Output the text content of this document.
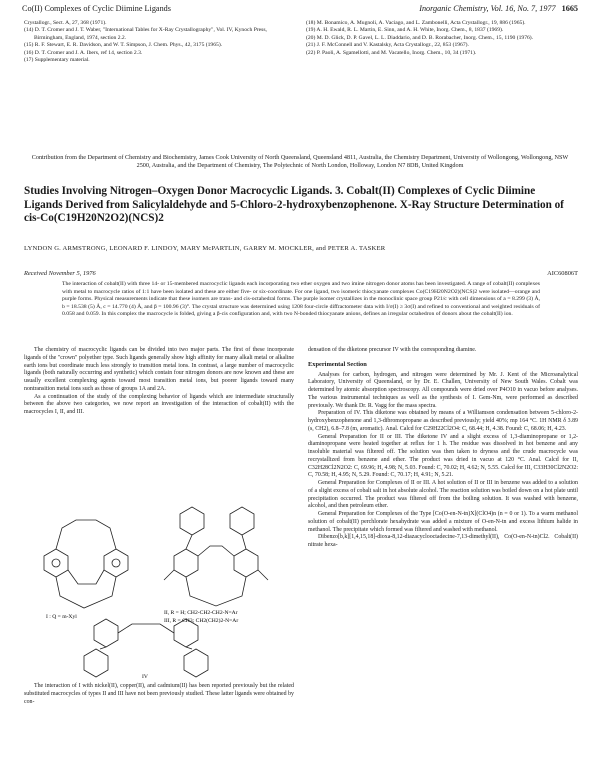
Co(II) Complexes of Cyclic Diimine Ligands	Inorganic Chemistry, Vol. 16, No. 7, 1977 1665

Crystallogr., Sect. A, 27, 368 (1971).

(14) D. T. Cromer and J. T. Waber, "International Tables for X-Ray Crystallography", Vol. IV, Kynoch Press, Birmingham, England, 1974, section 2.2.

(15) R. F. Stewart, E. R. Davidson, and W. T. Simpson, J. Chem. Phys., 42, 3175 (1965).

(16) D. T. Cromer and J. A. Ibers, ref 14, section 2.3.

(17) Supplementary material.

(18) M. Bonamico, A. Mugnoli, A. Vaciago, and L. Zambonelli, Acta Crystallogr., 19, 886 (1965).

(19) A. H. Ewald, R. L. Martin, E. Sinn, and A. H. White, Inorg. Chem., 8, 1837 (1969).

(20) M. D. Glick, D. P. Gavel, L. L. Diaddario, and D. B. Rorabacher, Inorg. Chem., 15, 1190 (1976).

(21) J. F. McConnell and V. Kastalsky, Acta Crystallogr., 22, 853 (1967).

(22) P. Paoli, A. Sgamellotti, and M. Vacatello, Inorg. Chem., 10, 34 (1971).

Contribution from the Department of Chemistry and Biochemistry, James Cook University of North Queensland, Queensland 4811, Australia, the Chemistry Department, University of Wollongong, Wollongong, NSW 2500, Australia, and the Department of Chemistry, The Polytechnic of North London, Holloway, London N7 8DB, United Kingdom
Studies Involving Nitrogen–Oxygen Donor Macrocyclic Ligands. 3. Cobalt(II) Complexes of Cyclic Diimine Ligands Derived from Salicylaldehyde and 5-Chloro-2-hydroxybenzophenone. X-Ray Structure Determination of cis-Co(C19H20N2O2)(NCS)2
LYNDON G. ARMSTRONG, LEONARD F. LINDOY, MARY McPARTLIN, GARRY M. MOCKLER, and PETER A. TASKER
Received November 5, 1976	AIC60806T
The interaction of cobalt(II) with three 14- or 15-membered macrocyclic ligands each incorporating two ether oxygen and two imine nitrogen donor atoms has been investigated. A range of cobalt(II) complexes with metal to macrocycle ratios of 1:1 have been isolated and these are either five- or six-coordinate. For one ligand, two isomeric thiocyanate complexes Co(C19H20N2O2)(NCS)2 were isolated—orange and purple forms. Physical measurements indicate that these isomers are trans- and cis-octahedral forms. The purple isomer crystallizes in the monoclinic space group P21/c with cell dimensions of a = 8.299 (3) Å, b = 18.538 (5) Å, c = 14.770 (4) Å, and β = 100.96 (3)°. The crystal structure was determined using 1208 four-circle diffractometer data with I/σ(I) ≥ 3σ(I) and refined to conventional and weighted residuals of 0.058 and 0.059. In this complex the macrocycle is folded, giving a β-cis configuration and, with two N-bonded thiocyanate anions, defines an irregular octahedron of donors about the cobalt(II) ion.

The chemistry of macrocyclic ligands can be divided into two major parts. The first of these incorporate ligands of the "crown" polyether type. Such ligands generally show high affinity for many alkali metal or alkaline earth ions but coordinate much less strongly to transition metal ions. In contrast, a large number of macrocyclic ligands (both naturally occurring and synthetic) which contain four nitrogen donors are now known and these are usually excellent complexing agents toward most transition metal ions, but poorer ligands toward many nontransition metal ions such as those of groups 1A and 2A.

As a continuation of the study of the complexing behavior of ligands which are intermediate structurally between the above two categories, we now report an investigation of the interaction of cobalt(II) with the macrocycles I, II, and III.

I : Q = m-Xyl
II, R = H; CH2-CH2-CH2-N=Ar
III, R = CH3; CH2(CH2)2-N=Ar
IV

The interaction of I with nickel(II), copper(II), and cadmium(II) has been reported previously but the related substituted macrocycles of types II and III have not been previously studied. These latter ligands were obtained by con-

densation of the diketone precursor IV with the corresponding diamine.

Experimental Section

Analyses for carbon, hydrogen, and nitrogen were determined by Mr. J. Kent of the Microanalytical Laboratory, University of Queensland, or by Dr. E. Challen, University of New South Wales. Cobalt was determined by atomic absorption spectroscopy. All compounds were dried over P4O10 in vacuo before analyses. The various instrumental techniques as well as the synthesis of I. Gem-Nm, were performed as described previously. We thank Dr. R. Vagg for the mass spectra.

Preparation of IV. This diketone was obtained by means of a Williamson condensation between 5-chloro-2-hydroxybenzophenone and 1,3-dibromopropane as described previously; yield 40%; mp 164 °C. 1H NMR δ 3.89 (s, CH2), 6.8–7.8 (m, aromatic). Anal. Calcd for C29H22Cl2O4: C, 68.44; H, 4.38. Found: C, 68.06; H, 4.23.

General Preparation for II or III. The diketone IV and a slight excess of 1,3-diaminopropane or 1,2-diaminopropane were heated together at reflux for 1 h. The residue was dissolved in hot benzene and any insoluble material was filtered off. The solution was then taken to dryness and the crude macrocycle was recrystallized from benzene and ether. The product was dried in vacuo at 120 °C. Anal. Calcd for II, C32H28Cl2N2O2: C, 69.96; H, 4.98; N, 5.03. Found: C, 70.02; H, 4.62; N, 5.55. Calcd for III, C33H30Cl2N2O2: C, 70.58; H, 4.95; N, 5.29. Found: C, 70.17; H, 4.91; N, 5.21.

General Preparation for Complexes of II or III. A hot solution of II or III in benzene was added to a solution of a slight excess of cobalt salt in hot absolute alcohol. The reaction solution was boiled down on a hot plate until precipitation occurred. The product was filtered off from the boiling solution. It was washed with benzene, alcohol, and then petroleum ether.

General Preparation for Complexes of the Type [Co(O-en-N-tn)X](ClO4)n (n = 0 or 1). To a warm methanol solution of cobalt(II) perchlorate hexahydrate was added a mixture of O-en-N-tn and excess lithium halide in methanol. The precipitate which formed was filtered and washed with methanol.

Dibenzo[b,k][1,4,15,18]-dioxa-8,12-diazacyclooctadecine-7,13-dimethyl(II), Co(O-en-N-tn)Cl2. Cobalt(II) nitrate hexa-
